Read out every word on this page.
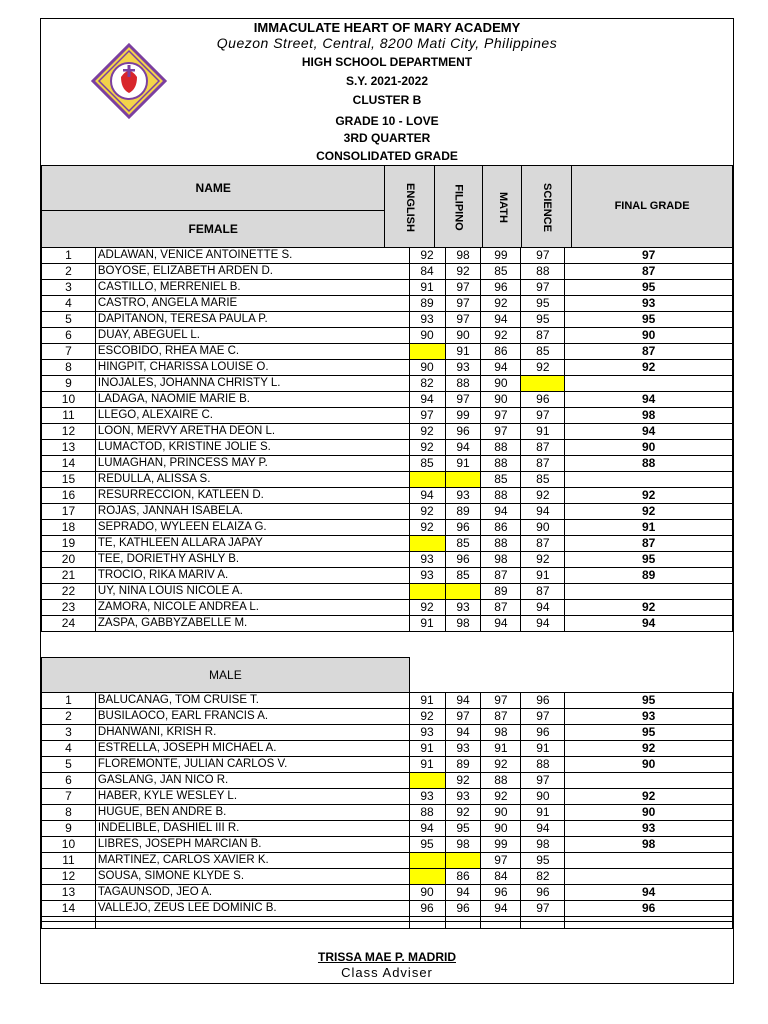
IMMACULATE HEART OF MARY ACADEMY
Quezon Street, Central, 8200 Mati City, Philippines
HIGH SCHOOL DEPARTMENT
S.Y. 2021-2022
CLUSTER B
GRADE 10 - LOVE
3RD QUARTER
CONSOLIDATED GRADE
NAME	ENGLISH	FILIPINO	MATH	SCIENCE	FINAL GRADE
FEMALE
1	ADLAWAN, VENICE ANTOINETTE S.	92	98	99	97	97
2	BOYOSE, ELIZABETH ARDEN D.	84	92	85	88	87
3	CASTILLO, MERRENIEL B.	91	97	96	97	95
4	CASTRO, ANGELA MARIE	89	97	92	95	93
5	DAPITANON, TERESA PAULA P.	93	97	94	95	95
6	DUAY, ABEGUEL L.	90	90	92	87	90
7	ESCOBIDO, RHEA MAE C.		91	86	85	87
8	HINGPIT, CHARISSA LOUISE O.	90	93	94	92	92
9	INOJALES, JOHANNA CHRISTY L.	82	88	90		
10	LADAGA, NAOMIE MARIE B.	94	97	90	96	94
11	LLEGO, ALEXAIRE C.	97	99	97	97	98
12	LOON, MERVY ARETHA DEON L.	92	96	97	91	94
13	LUMACTOD, KRISTINE JOLIE S.	92	94	88	87	90
14	LUMAGHAN, PRINCESS MAY P.	85	91	88	87	88
15	REDULLA, ALISSA S.			85	85	
16	RESURRECCION, KATLEEN D.	94	93	88	92	92
17	ROJAS, JANNAH ISABELA.	92	89	94	94	92
18	SEPRADO, WYLEEN ELAIZA G.	92	96	86	90	91
19	TE, KATHLEEN ALLARA JAPAY		85	88	87	87
20	TEE, DORIETHY ASHLY B.	93	96	98	92	95
21	TROCIO, RIKA MARIV A.	93	85	87	91	89
22	UY, NINA LOUIS NICOLE A.			89	87	
23	ZAMORA, NICOLE ANDREA L.	92	93	87	94	92
24	ZASPA, GABBYZABELLE M.	91	98	94	94	94
MALE	
1	BALUCANAG, TOM CRUISE T.	91	94	97	96	95
2	BUSILAOCO, EARL FRANCIS A.	92	97	87	97	93
3	DHANWANI, KRISH R.	93	94	98	96	95
4	ESTRELLA, JOSEPH MICHAEL A.	91	93	91	91	92
5	FLOREMONTE, JULIAN CARLOS V.	91	89	92	88	90
6	GASLANG, JAN NICO R.		92	88	97	
7	HABER, KYLE WESLEY L.	93	93	92	90	92
8	HUGUE, BEN ANDRE B.	88	92	90	91	90
9	INDELIBLE, DASHIEL III R.	94	95	90	94	93
10	LIBRES, JOSEPH MARCIAN B.	95	98	99	98	98
11	MARTINEZ, CARLOS XAVIER K.			97	95	
12	SOUSA, SIMONE KLYDE S.		86	84	82	
13	TAGAUNSOD, JEO A.	90	94	96	96	94
14	VALLEJO, ZEUS LEE DOMINIC B.	96	96	94	97	96

TRISSA MAE P. MADRID
Class Adviser
